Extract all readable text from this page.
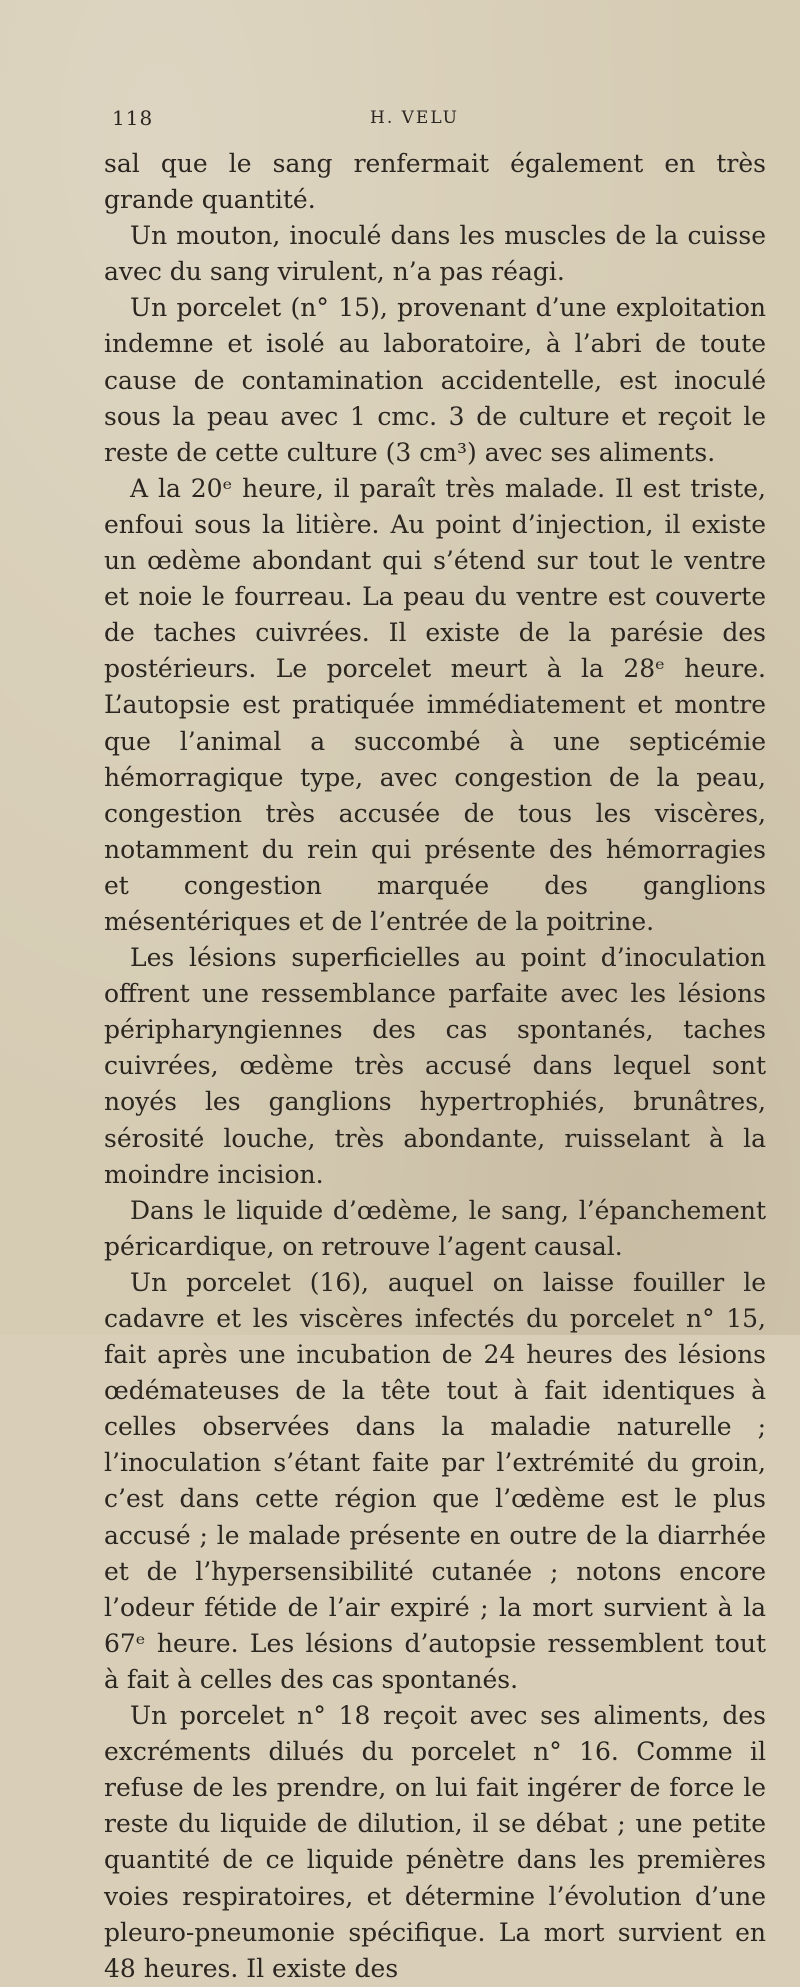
118	H. VELU

sal que le sang renfermait également en très grande quantité.

Un mouton, inoculé dans les muscles de la cuisse avec du sang virulent, n’a pas réagi.

Un porcelet (n° 15), provenant d’une exploitation indemne et isolé au laboratoire, à l’abri de toute cause de contamination accidentelle, est inoculé sous la peau avec 1 cmc. 3 de culture et reçoit le reste de cette culture (3 cm³) avec ses aliments.

A la 20ᵉ heure, il paraît très malade. Il est triste, enfoui sous la litière. Au point d’injection, il existe un œdème abondant qui s’étend sur tout le ventre et noie le fourreau. La peau du ventre est couverte de taches cuivrées. Il existe de la parésie des postérieurs. Le porcelet meurt à la 28ᵉ heure. L’autopsie est pratiquée immédiatement et montre que l’animal a succombé à une septicémie hémorragique type, avec congestion de la peau, congestion très accusée de tous les viscères, notamment du rein qui présente des hémorragies et congestion marquée des ganglions mésentériques et de l’entrée de la poitrine.

Les lésions superficielles au point d’inoculation offrent une ressemblance parfaite avec les lésions péripharyngiennes des cas spontanés, taches cuivrées, œdème très accusé dans lequel sont noyés les ganglions hypertrophiés, brunâtres, sérosité louche, très abondante, ruisselant à la moindre incision.

Dans le liquide d’œdème, le sang, l’épanchement péricardique, on retrouve l’agent causal.

Un porcelet (16), auquel on laisse fouiller le cadavre et les viscères infectés du porcelet n° 15, fait après une incubation de 24 heures des lésions œdémateuses de la tête tout à fait identiques à celles observées dans la maladie naturelle ; l’inoculation s’étant faite par l’extrémité du groin, c’est dans cette région que l’œdème est le plus accusé ; le malade présente en outre de la diarrhée et de l’hypersensibilité cutanée ; notons encore l’odeur fétide de l’air expiré ; la mort survient à la 67ᵉ heure. Les lésions d’autopsie ressemblent tout à fait à celles des cas spontanés.

Un porcelet n° 18 reçoit avec ses aliments, des excréments dilués du porcelet n° 16. Comme il refuse de les prendre, on lui fait ingérer de force le reste du liquide de dilution, il se débat ; une petite quantité de ce liquide pénètre dans les premières voies respiratoires, et détermine l’évolution d’une pleuro-pneumonie spécifique. La mort survient en 48 heures. Il existe des
